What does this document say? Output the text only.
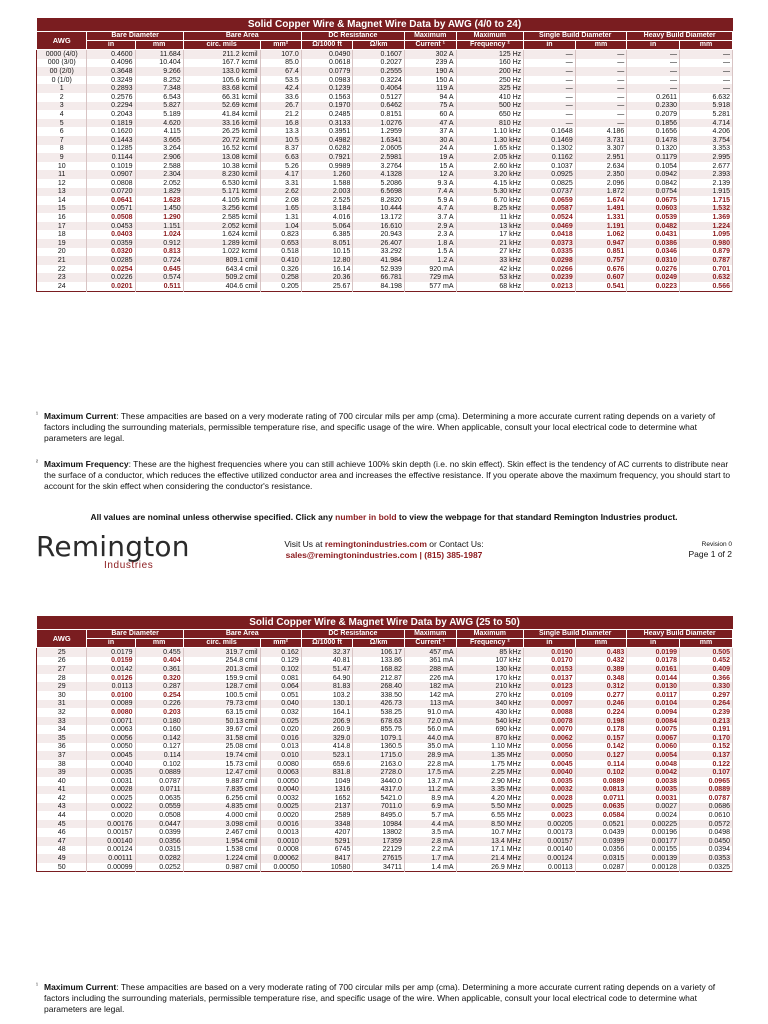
Solid Copper Wire & Magnet Wire Data by AWG (4/0 to 24)												
AWG	Bare Diameter		Bare Area		DC Resistance		Maximum	Maximum	Single Build Diameter		Heavy Build Diameter	
	in	mm	circ. mils	mm²	Ω/1000 ft	Ω/km	Current ¹	Frequency ²	in	mm	in	mm
0000 (4/0)	0.4600	11.684	211.2 kcmil	107.0	0.0490	0.1607	302 A	125 Hz	—	—	—	—
000 (3/0)	0.4096	10.404	167.7 kcmil	85.0	0.0618	0.2027	239 A	160 Hz	—	—	—	—
00 (2/0)	0.3648	9.266	133.0 kcmil	67.4	0.0779	0.2555	190 A	200 Hz	—	—	—	—
0 (1/0)	0.3249	8.252	105.6 kcmil	53.5	0.0983	0.3224	150 A	250 Hz	—	—	—	—
1	0.2893	7.348	83.68 kcmil	42.4	0.1239	0.4064	119 A	325 Hz	—	—	—	—
2	0.2576	6.543	66.31 kcmil	33.6	0.1563	0.5127	94 A	410 Hz	—	—	0.2611	6.632
3	0.2294	5.827	52.69 kcmil	26.7	0.1970	0.6462	75 A	500 Hz	—	—	0.2330	5.918
4	0.2043	5.189	41.84 kcmil	21.2	0.2485	0.8151	60 A	650 Hz	—	—	0.2079	5.281
5	0.1819	4.620	33.16 kcmil	16.8	0.3133	1.0276	47 A	810 Hz	—	—	0.1856	4.714
6	0.1620	4.115	26.25 kcmil	13.3	0.3951	1.2959	37 A	1.10 kHz	0.1648	4.186	0.1656	4.206
7	0.1443	3.665	20.72 kcmil	10.5	0.4982	1.6341	30 A	1.30 kHz	0.1469	3.731	0.1478	3.754
8	0.1285	3.264	16.52 kcmil	8.37	0.6282	2.0605	24 A	1.65 kHz	0.1302	3.307	0.1320	3.353
9	0.1144	2.906	13.08 kcmil	6.63	0.7921	2.5981	19 A	2.05 kHz	0.1162	2.951	0.1179	2.995
10	0.1019	2.588	10.38 kcmil	5.26	0.9989	3.2764	15 A	2.60 kHz	0.1037	2.634	0.1054	2.677
11	0.0907	2.304	8.230 kcmil	4.17	1.260	4.1328	12 A	3.20 kHz	0.0925	2.350	0.0942	2.393
12	0.0808	2.052	6.530 kcmil	3.31	1.588	5.2086	9.3 A	4.15 kHz	0.0825	2.096	0.0842	2.139
13	0.0720	1.829	5.171 kcmil	2.62	2.003	6.5698	7.4 A	5.30 kHz	0.0737	1.872	0.0754	1.915
14	0.0641	1.628	4.105 kcmil	2.08	2.525	8.2820	5.9 A	6.70 kHz	0.0659	1.674	0.0675	1.715
15	0.0571	1.450	3.256 kcmil	1.65	3.184	10.444	4.7 A	8.25 kHz	0.0587	1.491	0.0603	1.532
16	0.0508	1.290	2.585 kcmil	1.31	4.016	13.172	3.7 A	11 kHz	0.0524	1.331	0.0539	1.369
17	0.0453	1.151	2.052 kcmil	1.04	5.064	16.610	2.9 A	13 kHz	0.0469	1.191	0.0482	1.224
18	0.0403	1.024	1.624 kcmil	0.823	6.385	20.943	2.3 A	17 kHz	0.0418	1.062	0.0431	1.095
19	0.0359	0.912	1.289 kcmil	0.653	8.051	26.407	1.8 A	21 kHz	0.0373	0.947	0.0386	0.980
20	0.0320	0.813	1.022 kcmil	0.518	10.15	33.292	1.5 A	27 kHz	0.0335	0.851	0.0346	0.879
21	0.0285	0.724	809.1 cmil	0.410	12.80	41.984	1.2 A	33 kHz	0.0298	0.757	0.0310	0.787
22	0.0254	0.645	643.4 cmil	0.326	16.14	52.939	920 mA	42 kHz	0.0266	0.676	0.0276	0.701
23	0.0226	0.574	509.2 cmil	0.258	20.36	66.781	729 mA	53 kHz	0.0239	0.607	0.0249	0.632
24	0.0201	0.511	404.6 cmil	0.205	25.67	84.198	577 mA	68 kHz	0.0213	0.541	0.0223	0.566
¹ Maximum Current: These ampacities are based on a very moderate rating of 700 circular mils per amp (cma). Determining a more accurate current rating depends on a variety of factors including the surrounding materials, permissible temperature rise, and specific usage of the wire. When applicable, consult your local electrical code to determine what parameters are legal.
² Maximum Frequency: These are the highest frequencies where you can still achieve 100% skin depth (i.e. no skin effect). Skin effect is the tendency of AC currents to distribute near the surface of a conductor, which reduces the effective utilized conductor area and increases the effective resistance. If you operate above the maximum frequency, you should start to account for the skin effect when considering the conductor's resistance.
All values are nominal unless otherwise specified. Click any number in bold to view the webpage for that standard Remington Industries product.
Remington
Industries
Visit Us at remingtonindustries.com or Contact Us:
sales@remingtonindustries.com | (815) 385-1987
Revision 0
Page 1 of 2
Solid Copper Wire & Magnet Wire Data by AWG (25 to 50)												
AWG	Bare Diameter		Bare Area		DC Resistance		Maximum	Maximum	Single Build Diameter		Heavy Build Diameter	
	in	mm	circ. mils	mm²	Ω/1000 ft	Ω/km	Current ¹	Frequency ²	in	mm	in	mm
25	0.0179	0.455	319.7 cmil	0.162	32.37	106.17	457 mA	85 kHz	0.0190	0.483	0.0199	0.505
26	0.0159	0.404	254.8 cmil	0.129	40.81	133.86	361 mA	107 kHz	0.0170	0.432	0.0178	0.452
27	0.0142	0.361	201.3 cmil	0.102	51.47	168.82	288 mA	130 kHz	0.0153	0.389	0.0161	0.409
28	0.0126	0.320	159.9 cmil	0.081	64.90	212.87	226 mA	170 kHz	0.0137	0.348	0.0144	0.366
29	0.0113	0.287	128.7 cmil	0.064	81.83	268.40	182 mA	210 kHz	0.0123	0.312	0.0130	0.330
30	0.0100	0.254	100.5 cmil	0.051	103.2	338.50	142 mA	270 kHz	0.0109	0.277	0.0117	0.297
31	0.0089	0.226	79.73 cmil	0.040	130.1	426.73	113 mA	340 kHz	0.0097	0.246	0.0104	0.264
32	0.0080	0.203	63.15 cmil	0.032	164.1	538.25	91.0 mA	430 kHz	0.0088	0.224	0.0094	0.239
33	0.0071	0.180	50.13 cmil	0.025	206.9	678.63	72.0 mA	540 kHz	0.0078	0.198	0.0084	0.213
34	0.0063	0.160	39.67 cmil	0.020	260.9	855.75	56.0 mA	690 kHz	0.0070	0.178	0.0075	0.191
35	0.0056	0.142	31.58 cmil	0.016	329.0	1079.1	44.0 mA	870 kHz	0.0062	0.157	0.0067	0.170
36	0.0050	0.127	25.08 cmil	0.013	414.8	1360.5	35.0 mA	1.10 MHz	0.0056	0.142	0.0060	0.152
37	0.0045	0.114	19.74 cmil	0.010	523.1	1715.0	28.9 mA	1.35 MHz	0.0050	0.127	0.0054	0.137
38	0.0040	0.102	15.73 cmil	0.0080	659.6	2163.0	22.8 mA	1.75 MHz	0.0045	0.114	0.0048	0.122
39	0.0035	0.0889	12.47 cmil	0.0063	831.8	2728.0	17.5 mA	2.25 MHz	0.0040	0.102	0.0042	0.107
40	0.0031	0.0787	9.887 cmil	0.0050	1049	3440.0	13.7 mA	2.90 MHz	0.0035	0.0889	0.0038	0.0965
41	0.0028	0.0711	7.835 cmil	0.0040	1316	4317.0	11.2 mA	3.35 MHz	0.0032	0.0813	0.0035	0.0889
42	0.0025	0.0635	6.256 cmil	0.0032	1652	5421.0	8.9 mA	4.20 MHz	0.0028	0.0711	0.0031	0.0787
43	0.0022	0.0559	4.835 cmil	0.0025	2137	7011.0	6.9 mA	5.50 MHz	0.0025	0.0635	0.0027	0.0686
44	0.0020	0.0508	4.000 cmil	0.0020	2589	8495.0	5.7 mA	6.55 MHz	0.0023	0.0584	0.0024	0.0610
45	0.00176	0.0447	3.098 cmil	0.0016	3348	10984	4.4 mA	8.50 MHz	0.00205	0.0521	0.00225	0.0572
46	0.00157	0.0399	2.467 cmil	0.0013	4207	13802	3.5 mA	10.7 MHz	0.00173	0.0439	0.00196	0.0498
47	0.00140	0.0356	1.954 cmil	0.0010	5291	17359	2.8 mA	13.4 MHz	0.00157	0.0399	0.00177	0.0450
48	0.00124	0.0315	1.538 cmil	0.0008	6745	22129	2.2 mA	17.1 MHz	0.00140	0.0356	0.00155	0.0394
49	0.00111	0.0282	1.224 cmil	0.00062	8417	27615	1.7 mA	21.4 MHz	0.00124	0.0315	0.00139	0.0353
50	0.00099	0.0252	0.987 cmil	0.00050	10580	34711	1.4 mA	26.9 MHz	0.00113	0.0287	0.00128	0.0325
¹ Maximum Current: These ampacities are based on a very moderate rating of 700 circular mils per amp (cma). Determining a more accurate current rating depends on a variety of factors including the surrounding materials, permissible temperature rise, and specific usage of the wire. When applicable, consult your local electrical code to determine what parameters are legal.
